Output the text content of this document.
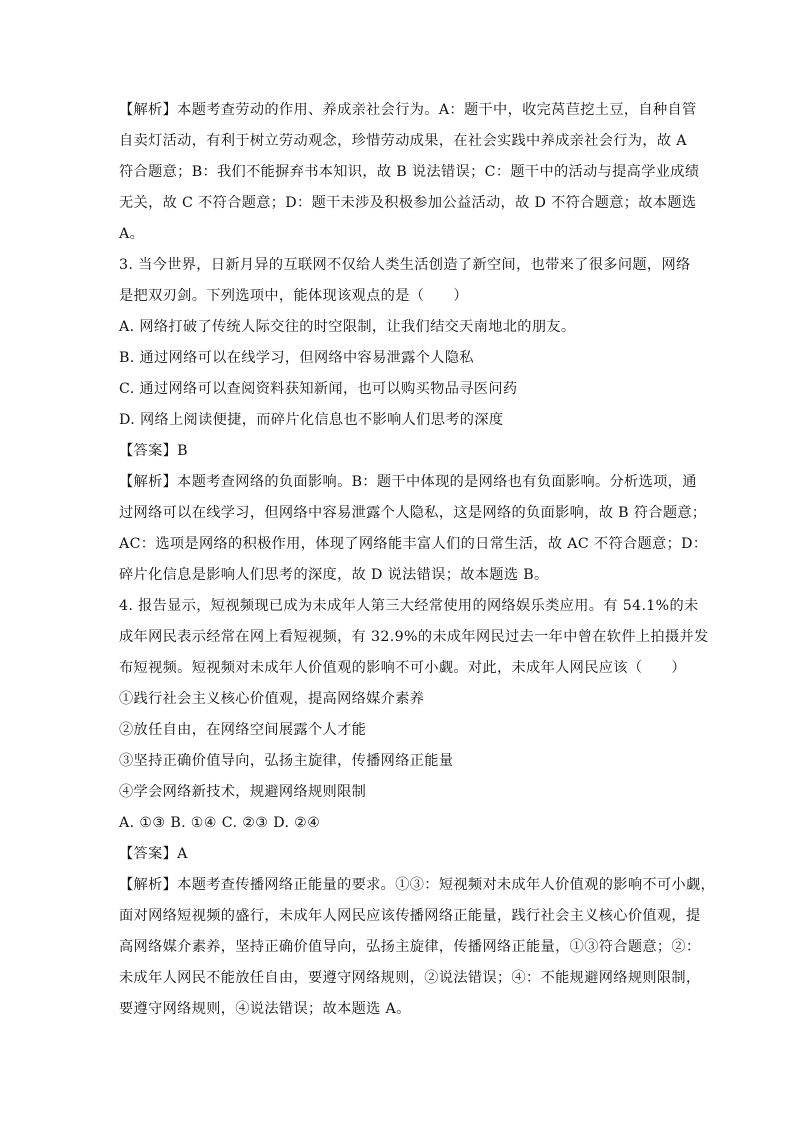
【解析】本题考查劳动的作用、养成亲社会行为。A：题干中，收完莴苣挖土豆，自种自管
自卖灯活动，有利于树立劳动观念，珍惜劳动成果，在社会实践中养成亲社会行为，故 A
符合题意；B：我们不能摒弃书本知识，故 B 说法错误；C：题干中的活动与提高学业成绩
无关，故 C 不符合题意；D：题干未涉及积极参加公益活动，故 D 不符合题意；故本题选
A。
3. 当今世界，日新月异的互联网不仅给人类生活创造了新空间，也带来了很多问题，网络
是把双刃剑。下列选项中，能体现该观点的是（　　）
A. 网络打破了传统人际交往的时空限制，让我们结交天南地北的朋友。
B. 通过网络可以在线学习，但网络中容易泄露个人隐私
C. 通过网络可以查阅资料获知新闻，也可以购买物品寻医问药
D. 网络上阅读便捷，而碎片化信息也不影响人们思考的深度
【答案】B
【解析】本题考查网络的负面影响。B：题干中体现的是网络也有负面影响。分析选项，通
过网络可以在线学习，但网络中容易泄露个人隐私，这是网络的负面影响，故 B 符合题意；
AC：选项是网络的积极作用，体现了网络能丰富人们的日常生活，故 AC 不符合题意；D：
碎片化信息是影响人们思考的深度，故 D 说法错误；故本题选 B。
4. 报告显示，短视频现已成为未成年人第三大经常使用的网络娱乐类应用。有 54.1%的未
成年网民表示经常在网上看短视频，有 32.9%的未成年网民过去一年中曾在软件上拍摄并发
布短视频。短视频对未成年人价值观的影响不可小觑。对此，未成年人网民应该（　　）
①践行社会主义核心价值观，提高网络媒介素养
②放任自由，在网络空间展露个人才能
③坚持正确价值导向，弘扬主旋律，传播网络正能量
④学会网络新技术，规避网络规则限制
A. ①③ B. ①④ C. ②③ D. ②④
【答案】A
【解析】本题考查传播网络正能量的要求。①③：短视频对未成年人价值观的影响不可小觑，
面对网络短视频的盛行，未成年人网民应该传播网络正能量，践行社会主义核心价值观，提
高网络媒介素养，坚持正确价值导向，弘扬主旋律，传播网络正能量，①③符合题意；②：
未成年人网民不能放任自由，要遵守网络规则，②说法错误；④：不能规避网络规则限制，
要遵守网络规则，④说法错误；故本题选 A。
